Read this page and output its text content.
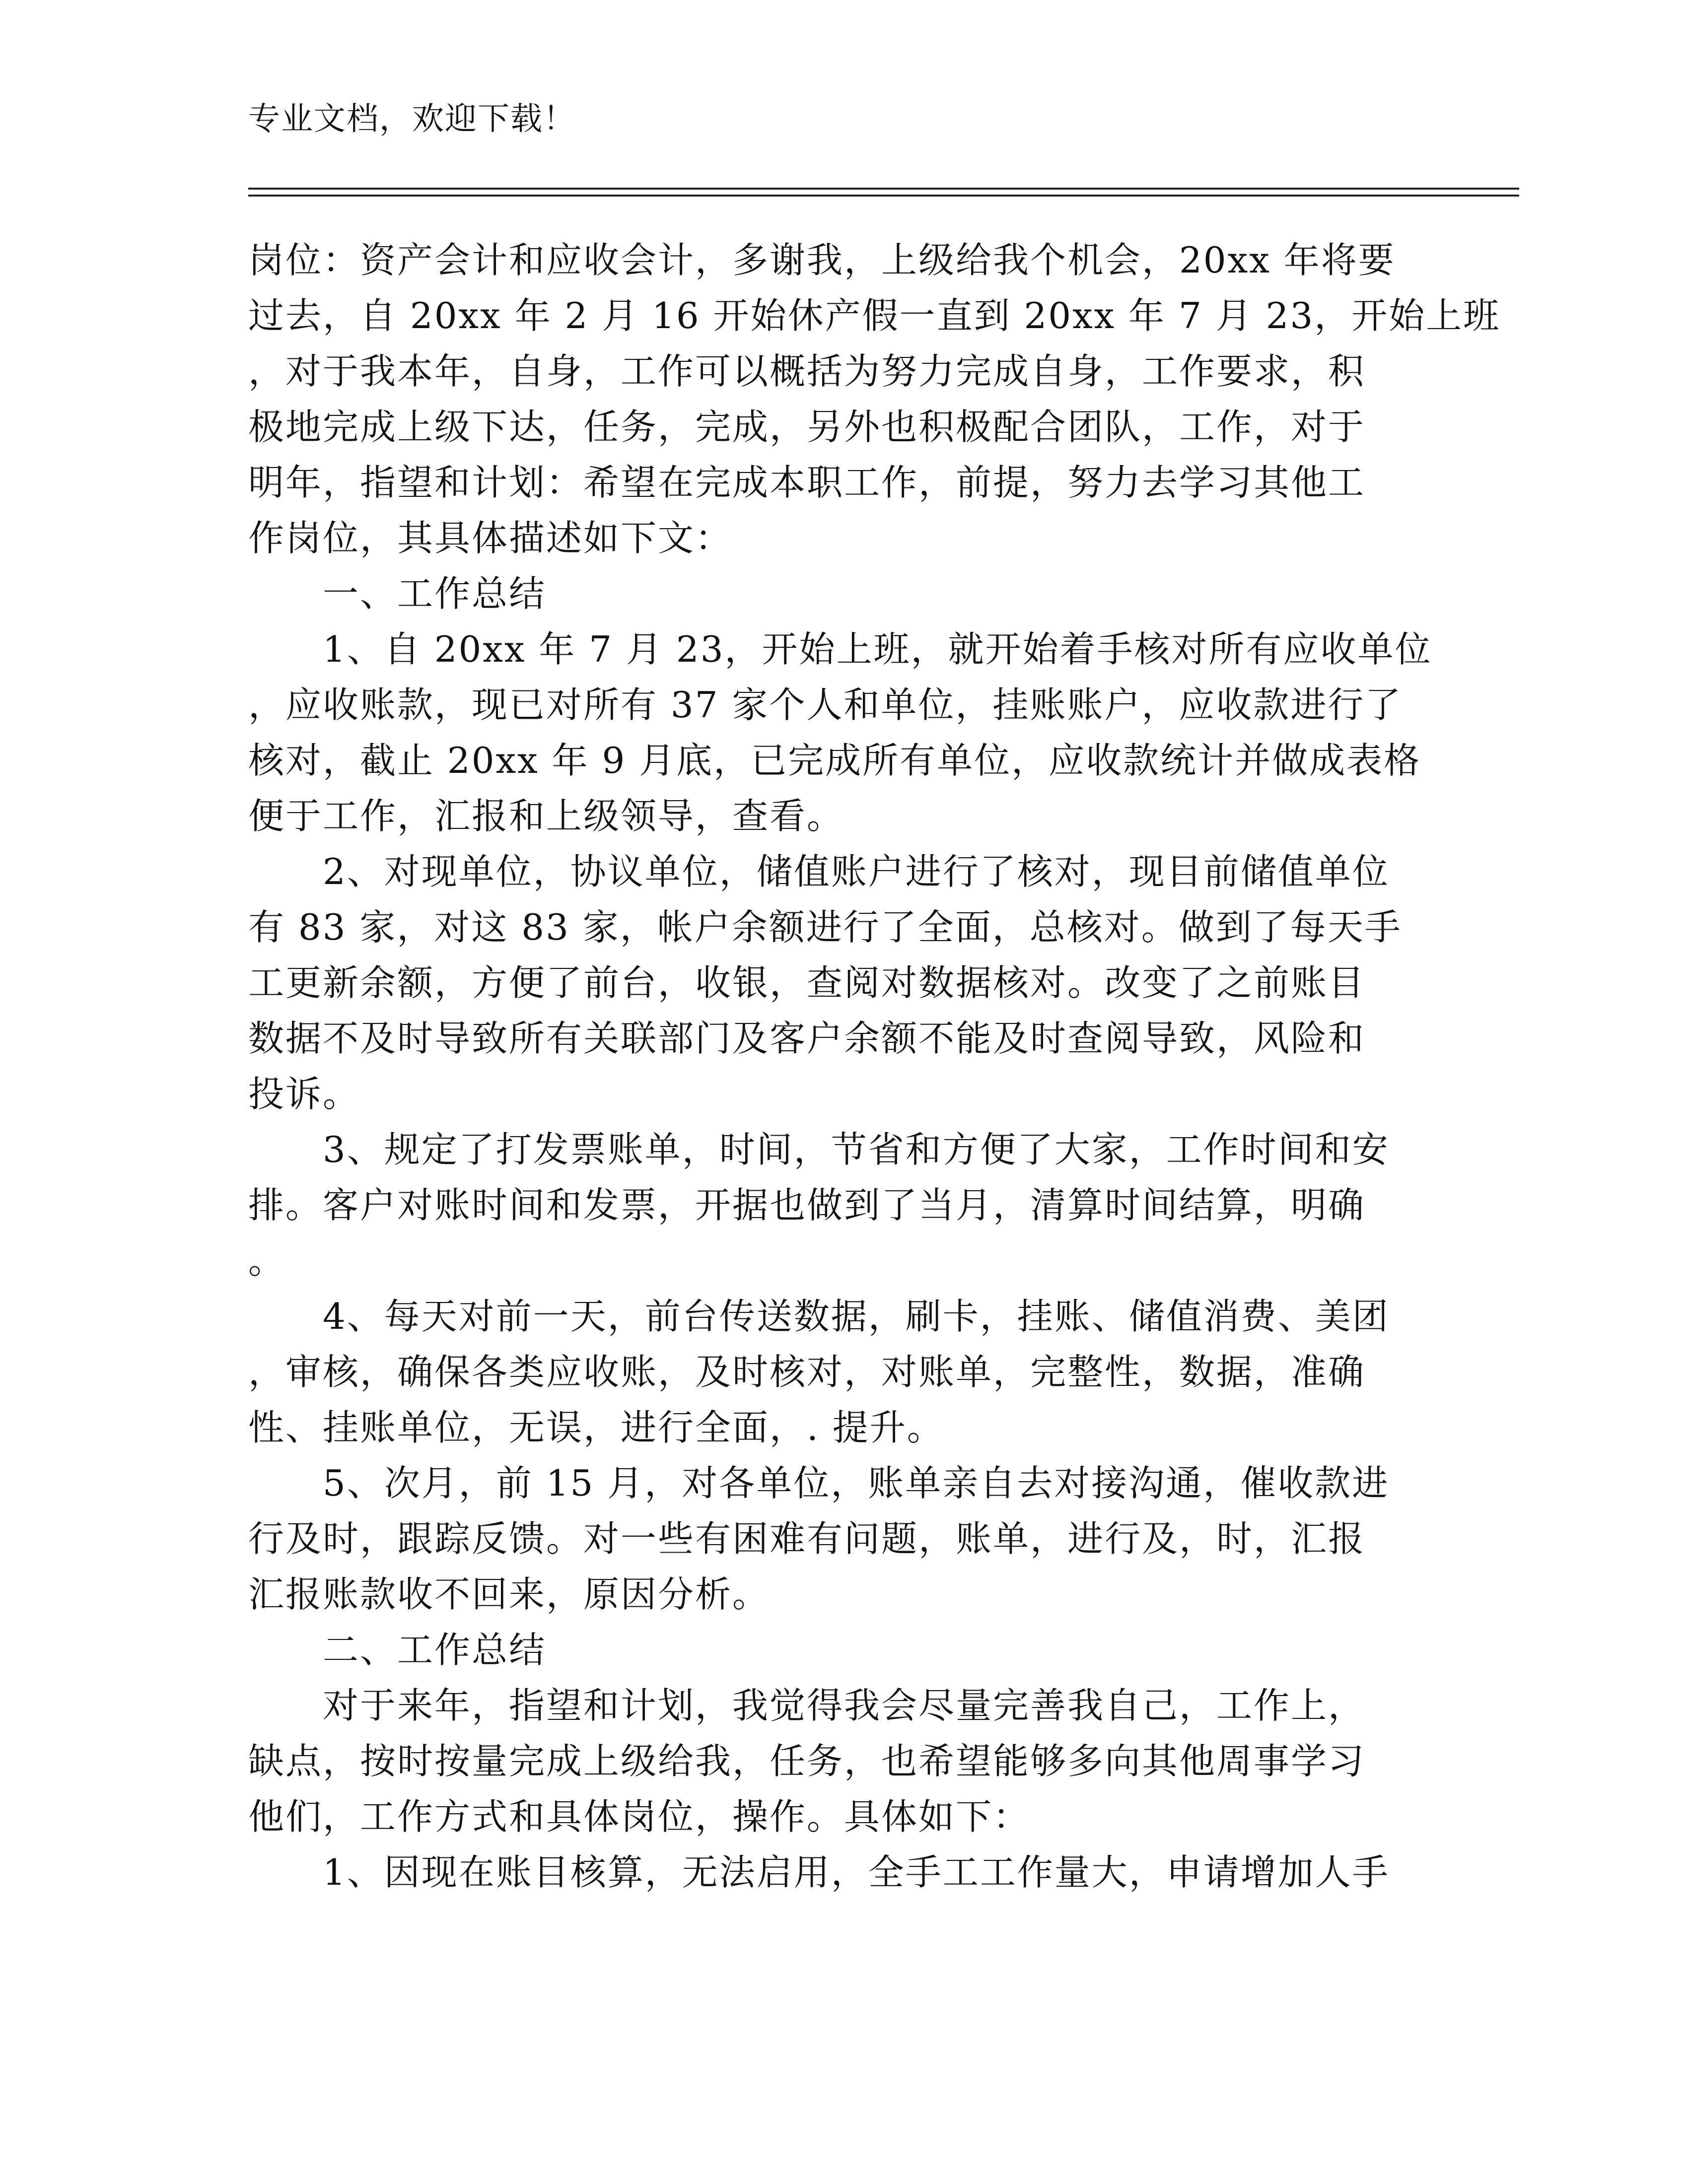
专业文档，欢迎下载！
岗位：资产会计和应收会计，多谢我，上级给我个机会，20xx 年将要
过去，自 20xx 年 2 月 16 开始休产假一直到 20xx 年 7 月 23，开始上班
，对于我本年，自身，工作可以概括为努力完成自身，工作要求，积
极地完成上级下达，任务，完成，另外也积极配合团队，工作，对于
明年，指望和计划：希望在完成本职工作，前提，努力去学习其他工
作岗位，其具体描述如下文：
一、工作总结
1、自 20xx 年 7 月 23，开始上班，就开始着手核对所有应收单位
，应收账款，现已对所有 37 家个人和单位，挂账账户，应收款进行了
核对，截止 20xx 年 9 月底，已完成所有单位，应收款统计并做成表格
便于工作，汇报和上级领导，查看。
2、对现单位，协议单位，储值账户进行了核对，现目前储值单位
有 83 家，对这 83 家，帐户余额进行了全面，总核对。做到了每天手
工更新余额，方便了前台，收银，查阅对数据核对。改变了之前账目
数据不及时导致所有关联部门及客户余额不能及时查阅导致，风险和
投诉。
3、规定了打发票账单，时间，节省和方便了大家，工作时间和安
排。客户对账时间和发票，开据也做到了当月，清算时间结算，明确
。
4、每天对前一天，前台传送数据，刷卡，挂账、储值消费、美团
，审核，确保各类应收账，及时核对，对账单，完整性，数据，准确
性、挂账单位，无误，进行全面，. 提升。
5、次月，前 15 月，对各单位，账单亲自去对接沟通，催收款进
行及时，跟踪反馈。对一些有困难有问题，账单，进行及，时，汇报
汇报账款收不回来，原因分析。
二、工作总结
对于来年，指望和计划，我觉得我会尽量完善我自己，工作上，
缺点，按时按量完成上级给我，任务，也希望能够多向其他周事学习
他们，工作方式和具体岗位，操作。具体如下：
1、因现在账目核算，无法启用，全手工工作量大，申请增加人手
